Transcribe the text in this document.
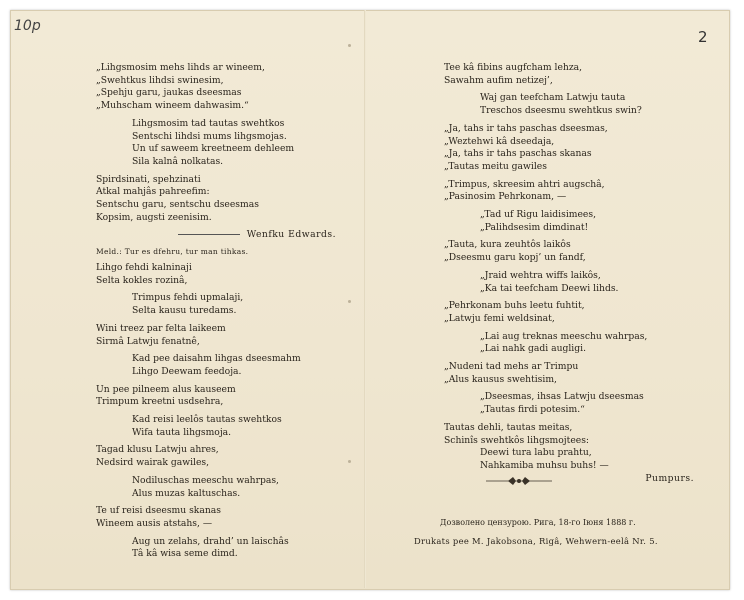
10р
2
„Lihgsmosim mehs lihds ar wineem,
„Swehtkus lihdsi swinesim,
„Spehju garu, jaukas dseesmas
„Muhscham wineem dahwasim.“
Lihgsmosim tad tautas swehtkos
Sentschi lihdsi mums lihgsmojas.
Un uf saweem kreetneem dehleem
Sila kalnâ nolkatas.
Spirdsinati, spehzinati
Atkal mahjâs pahreefim:
Sentschu garu, sentschu dseesmas
Kopsim, augsti zeenisim.
Wenfku Edwards.
Meld.: Tur es dfehru, tur man tihkas.
Lihgo fehdi kalninaji
Selta kokles rozinâ,
Trimpus fehdi upmalaji,
Selta kausu turedams.
Wini treez par felta laikeem
Sirmâ Latwju fenatnê,
Kad pee daisahm lihgas dseesmahm
Lihgo Deewam feedoja.
Un pee pilneem alus kauseem
Trimpum kreetni usdsehra,
Kad reisi leelôs tautas swehtkos
Wifa tauta lihgsmoja.
Tagad klusu Latwju ahres,
Nedsird wairak gawiles,
Nodiluschas meeschu wahrpas,
Alus muzas kaltuschas.
Te uf reisi dseesmu skanas
Wineem ausis atstahs, —
Aug un zelahs, drahd’ un laischâs
Tâ kâ wisa seme dimd.
Tee kâ fibins augfcham lehza,
Sawahm aufim netizej’,
Waj gan teefcham Latwju tauta
Treschos dseesmu swehtkus swin?
„Ja, tahs ir tahs paschas dseesmas,
„Weztehwi kâ dseedaja,
„Ja, tahs ir tahs paschas skanas
„Tautas meitu gawiles
„Trimpus, skreesim ahtri augschâ,
„Pasinosim Pehrkonam, —
„Tad uf Rigu laidisimees,
„Palihdsesim dimdinat!
„Tauta, kura zeuhtôs laikôs
„Dseesmu garu kopj’ un fandf,
„Jraid wehtra wiffs laikôs,
„Ka tai teefcham Deewi lihds.
„Pehrkonam buhs leetu fuhtit,
„Latwju femi weldsinat,
„Lai aug treknas meeschu wahrpas,
„Lai nahk gadi augligi.
„Nudeni tad mehs ar Trimpu
„Alus kausus swehtisim,
„Dseesmas, ihsas Latwju dseesmas
„Tautas firdi potesim.“
Tautas dehli, tautas meitas,
Schinîs swehtkôs lihgsmojtees:
Deewi tura labu prahtu,
Nahkamiba muhsu buhs! —
Pumpurs.
Дозволено цензурою. Рига, 18-го Iюня 1888 г.
Drukats pee M. Jakobsona, Rigâ, Wehwern-eelâ Nr. 5.
